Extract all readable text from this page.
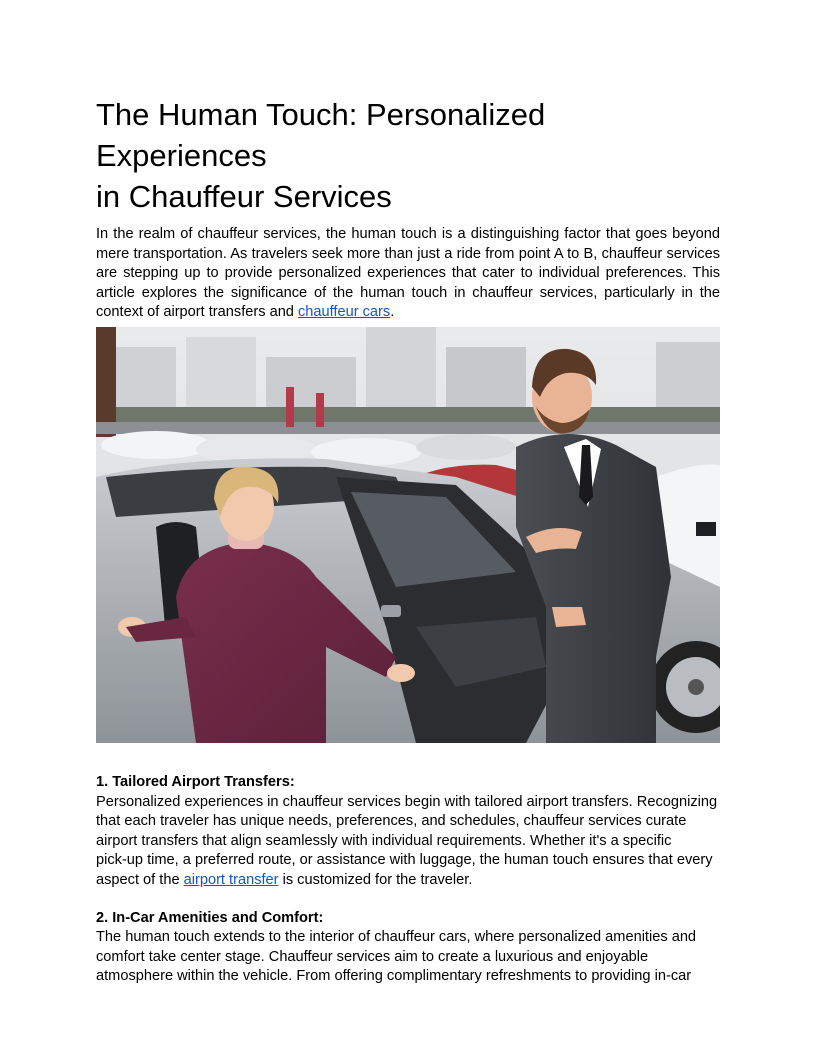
The Human Touch: Personalized Experiences
in Chauffeur Services

In the realm of chauffeur services, the human touch is a distinguishing factor that goes beyond mere transportation. As travelers seek more than just a ride from point A to B, chauffeur services are stepping up to provide personalized experiences that cater to individual preferences. This article explores the significance of the human touch in chauffeur services, particularly in the context of airport transfers and chauffeur cars.

1. Tailored Airport Transfers:

Personalized experiences in chauffeur services begin with tailored airport transfers. Recognizing
that each traveler has unique needs, preferences, and schedules, chauffeur services curate
airport transfers that align seamlessly with individual requirements. Whether it's a specific
pick-up time, a preferred route, or assistance with luggage, the human touch ensures that every
aspect of the airport transfer is customized for the traveler.

2. In-Car Amenities and Comfort:

The human touch extends to the interior of chauffeur cars, where personalized amenities and
comfort take center stage. Chauffeur services aim to create a luxurious and enjoyable
atmosphere within the vehicle. From offering complimentary refreshments to providing in-car
